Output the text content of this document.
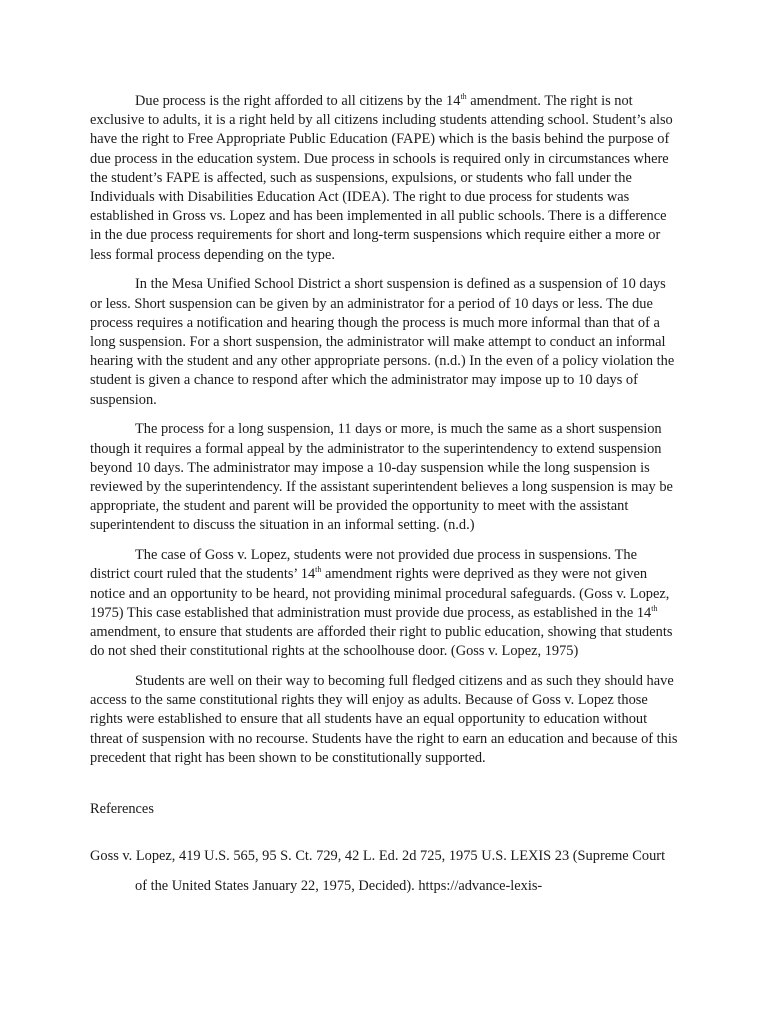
Due process is the right afforded to all citizens by the 14th amendment. The right is not exclusive to adults, it is a right held by all citizens including students attending school. Student’s also have the right to Free Appropriate Public Education (FAPE) which is the basis behind the purpose of due process in the education system. Due process in schools is required only in circumstances where the student’s FAPE is affected, such as suspensions, expulsions, or students who fall under the Individuals with Disabilities Education Act (IDEA). The right to due process for students was established in Gross vs. Lopez and has been implemented in all public schools. There is a difference in the due process requirements for short and long-term suspensions which require either a more or less formal process depending on the type.

In the Mesa Unified School District a short suspension is defined as a suspension of 10 days or less. Short suspension can be given by an administrator for a period of 10 days or less. The due process requires a notification and hearing though the process is much more informal than that of a long suspension. For a short suspension, the administrator will make attempt to conduct an informal hearing with the student and any other appropriate persons. (n.d.) In the even of a policy violation the student is given a chance to respond after which the administrator may impose up to 10 days of suspension.

The process for a long suspension, 11 days or more, is much the same as a short suspension though it requires a formal appeal by the administrator to the superintendency to extend suspension beyond 10 days. The administrator may impose a 10-day suspension while the long suspension is reviewed by the superintendency. If the assistant superintendent believes a long suspension is may be appropriate, the student and parent will be provided the opportunity to meet with the assistant superintendent to discuss the situation in an informal setting. (n.d.)

The case of Goss v. Lopez, students were not provided due process in suspensions. The district court ruled that the students’ 14th amendment rights were deprived as they were not given notice and an opportunity to be heard, not providing minimal procedural safeguards. (Goss v. Lopez, 1975) This case established that administration must provide due process, as established in the 14th amendment, to ensure that students are afforded their right to public education, showing that students do not shed their constitutional rights at the schoolhouse door. (Goss v. Lopez, 1975)

Students are well on their way to becoming full fledged citizens and as such they should have access to the same constitutional rights they will enjoy as adults. Because of Goss v. Lopez those rights were established to ensure that all students have an equal opportunity to education without threat of suspension with no recourse. Students have the right to earn an education and because of this precedent that right has been shown to be constitutionally supported.

References

Goss v. Lopez, 419 U.S. 565, 95 S. Ct. 729, 42 L. Ed. 2d 725, 1975 U.S. LEXIS 23 (Supreme Court of the United States January 22, 1975, Decided). https://advance-lexis-
